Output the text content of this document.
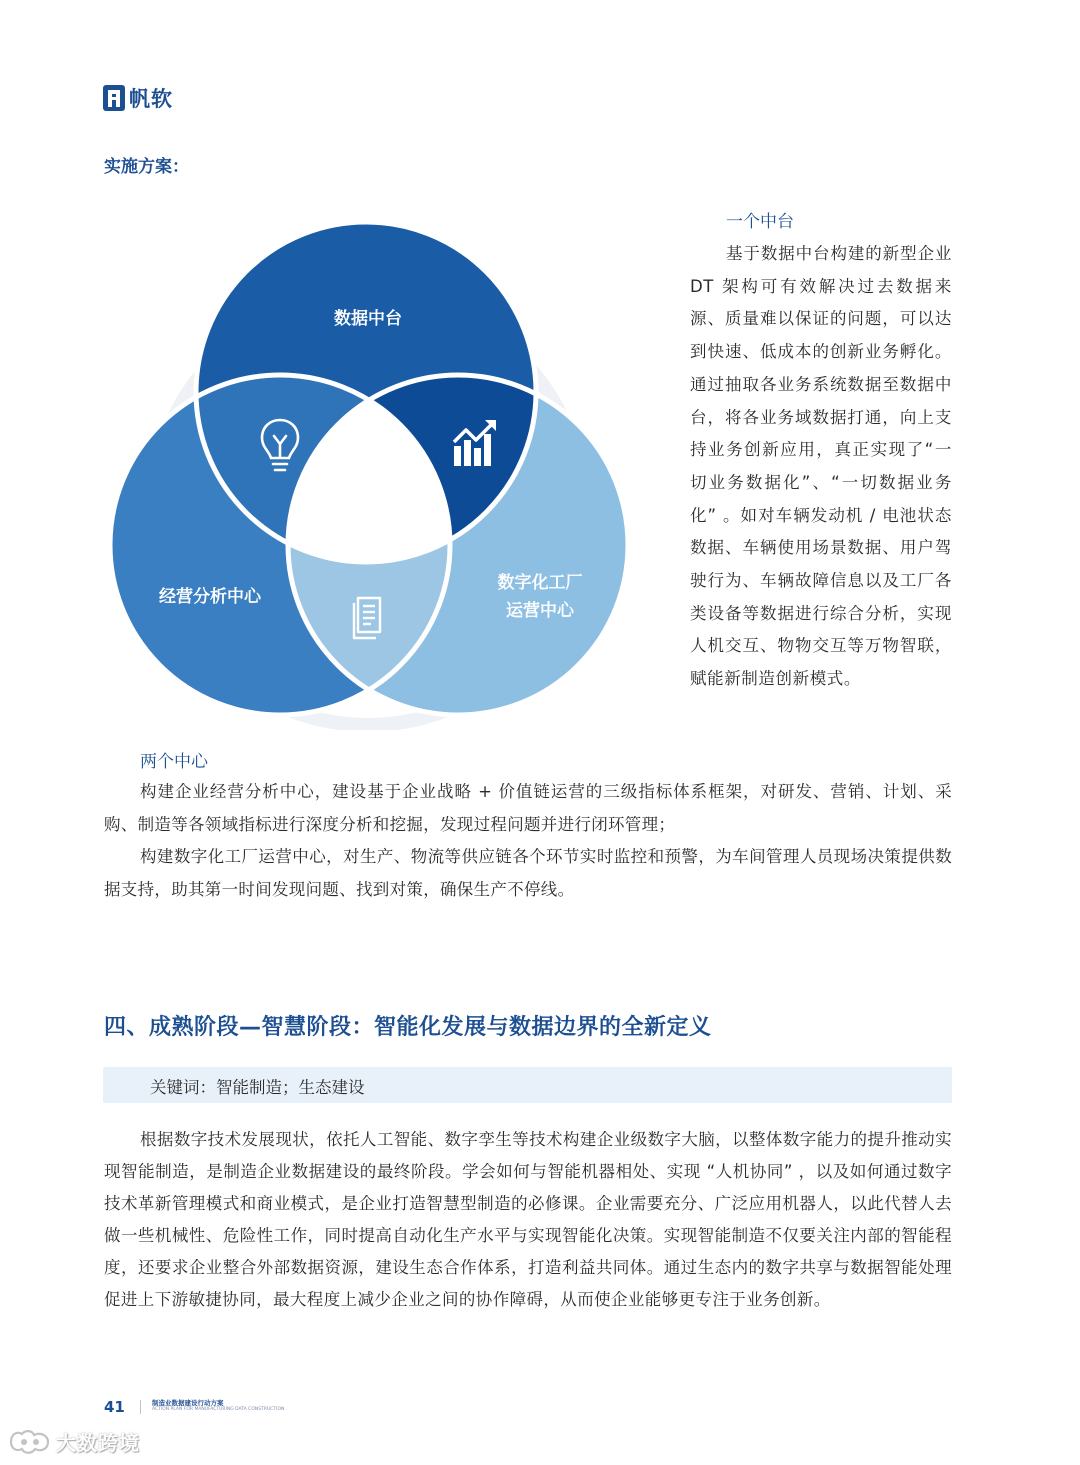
帆软
实施方案：
数据中台
经营分析中心
数字化工厂
运营中心
一个中台
基于数据中台构建的新型企业 DT 架构可有效解决过去数据来源、质量难以保证的问题，可以达到快速、低成本的创新业务孵化。通过抽取各业务系统数据至数据中台，将各业务域数据打通，向上支持业务创新应用，真正实现了“一切业务数据化”、“一切数据业务化” 。如对车辆发动机 / 电池状态数据、车辆使用场景数据、用户驾驶行为、车辆故障信息以及工厂各类设备等数据进行综合分析，实现人机交互、物物交互等万物智联，赋能新制造创新模式。
两个中心

构建企业经营分析中心，建设基于企业战略 + 价值链运营的三级指标体系框架，对研发、营销、计划、采购、制造等各领域指标进行深度分析和挖掘，发现过程问题并进行闭环管理；

构建数字化工厂运营中心，对生产、物流等供应链各个环节实时监控和预警，为车间管理人员现场决策提供数据支持，助其第一时间发现问题、找到对策，确保生产不停线。

四、成熟阶段—智慧阶段：智能化发展与数据边界的全新定义
关键词：智能制造；生态建设

根据数字技术发展现状，依托人工智能、数字孪生等技术构建企业级数字大脑，以整体数字能力的提升推动实现智能制造，是制造企业数据建设的最终阶段。学会如何与智能机器相处、实现 “人机协同” ，以及如何通过数字技术革新管理模式和商业模式，是企业打造智慧型制造的必修课。企业需要充分、广泛应用机器人，以此代替人去做一些机械性、危险性工作，同时提高自动化生产水平与实现智能化决策。实现智能制造不仅要关注内部的智能程度，还要求企业整合外部数据资源，建设生态合作体系，打造利益共同体。通过生态内的数字共享与数据智能处理促进上下游敏捷协同，最大程度上减少企业之间的协作障碍，从而使企业能够更专注于业务创新。

41	制造业数据建设行动方案
ACTION PLAN FOR MANUFACTURING DATA CONSTRUCTION
大数跨境
